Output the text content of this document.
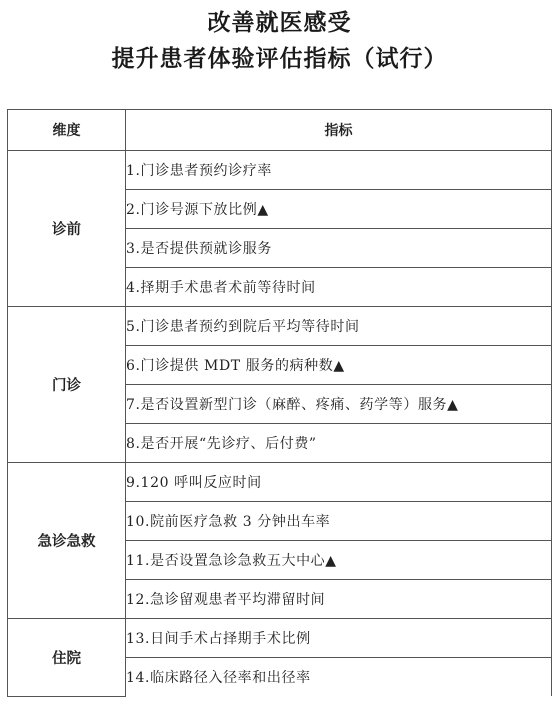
改善就医感受
提升患者体验评估指标（试行）
维度	指标
诊前	1.门诊患者预约诊疗率
	2.门诊号源下放比例▲
	3.是否提供预就诊服务
	4.择期手术患者术前等待时间
门诊	5.门诊患者预约到院后平均等待时间
	6.门诊提供 MDT 服务的病种数▲
	7.是否设置新型门诊（麻醉、疼痛、药学等）服务▲
	8.是否开展“先诊疗、后付费”
急诊急救	9.120 呼叫反应时间
	10.院前医疗急救 3 分钟出车率
	11.是否设置急诊急救五大中心▲
	12.急诊留观患者平均滞留时间
住院	13.日间手术占择期手术比例
	14.临床路径入径率和出径率
